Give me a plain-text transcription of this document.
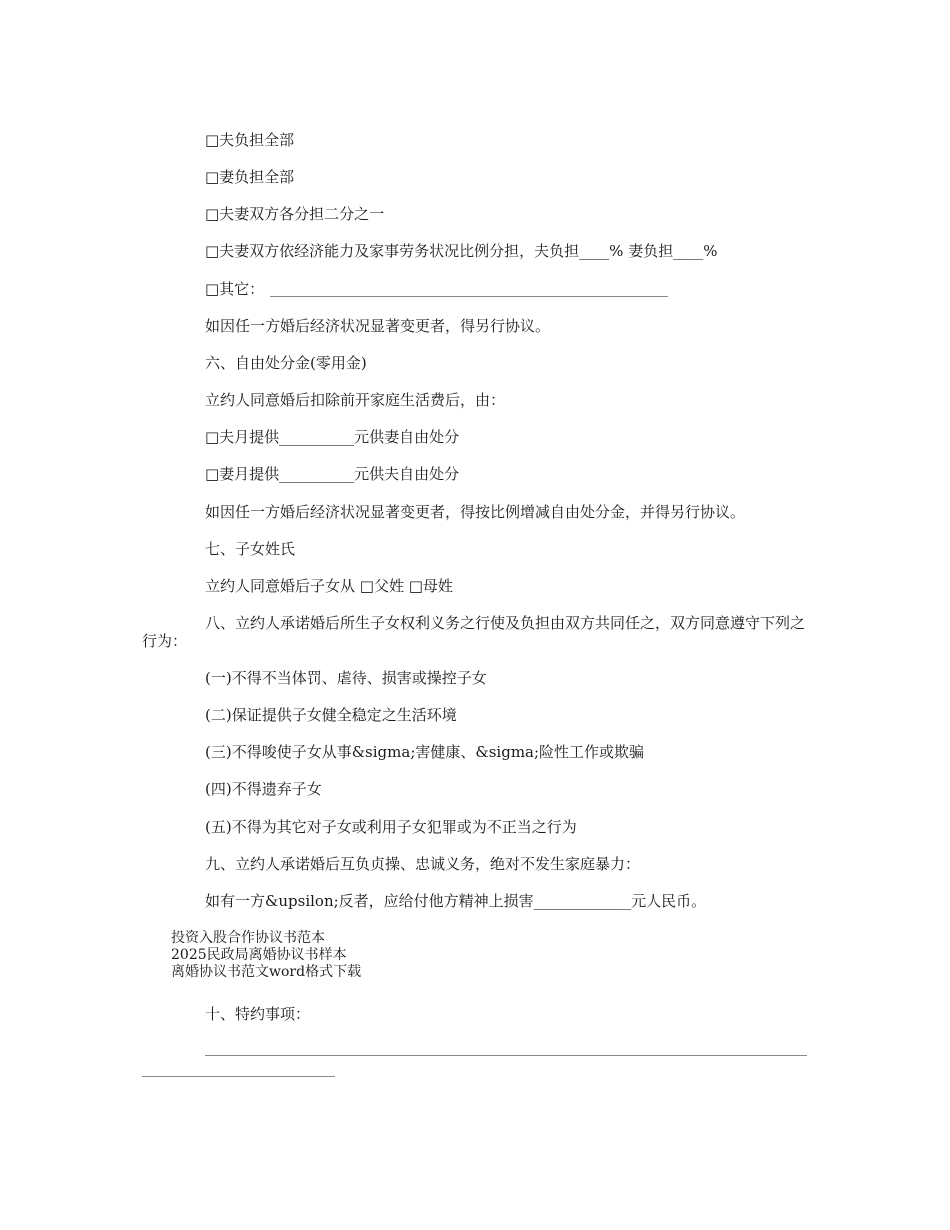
□夫负担全部
□妻负担全部
□夫妻双方各分担二分之一
□夫妻双方依经济能力及家事劳务状况比例分担，夫负担____% 妻负担____%
□其它：
如因任一方婚后经济状况显著变更者，得另行协议。
六、自由处分金(零用金)
立约人同意婚后扣除前开家庭生活费后，由：
□夫月提供__________元供妻自由处分
□妻月提供__________元供夫自由处分
如因任一方婚后经济状况显著变更者，得按比例增减自由处分金，并得另行协议。
七、子女姓氏
立约人同意婚后子女从 □父姓 □母姓
八、立约人承诺婚后所生子女权利义务之行使及负担由双方共同任之，双方同意遵守下列之行为：
(一)不得不当体罚、虐待、损害或操控子女
(二)保证提供子女健全稳定之生活环境
(三)不得唆使子女从事&sigma;害健康、&sigma;险性工作或欺骗
(四)不得遗弃子女
(五)不得为其它对子女或利用子女犯罪或为不正当之行为
九、立约人承诺婚后互负贞操、忠诚义务，绝对不发生家庭暴力：
如有一方&upsilon;反者，应给付他方精神上损害_____________元人民币。
投资入股合作协议书范本
2025民政局离婚协议书样本
离婚协议书范文word格式下载
十、特约事项：
